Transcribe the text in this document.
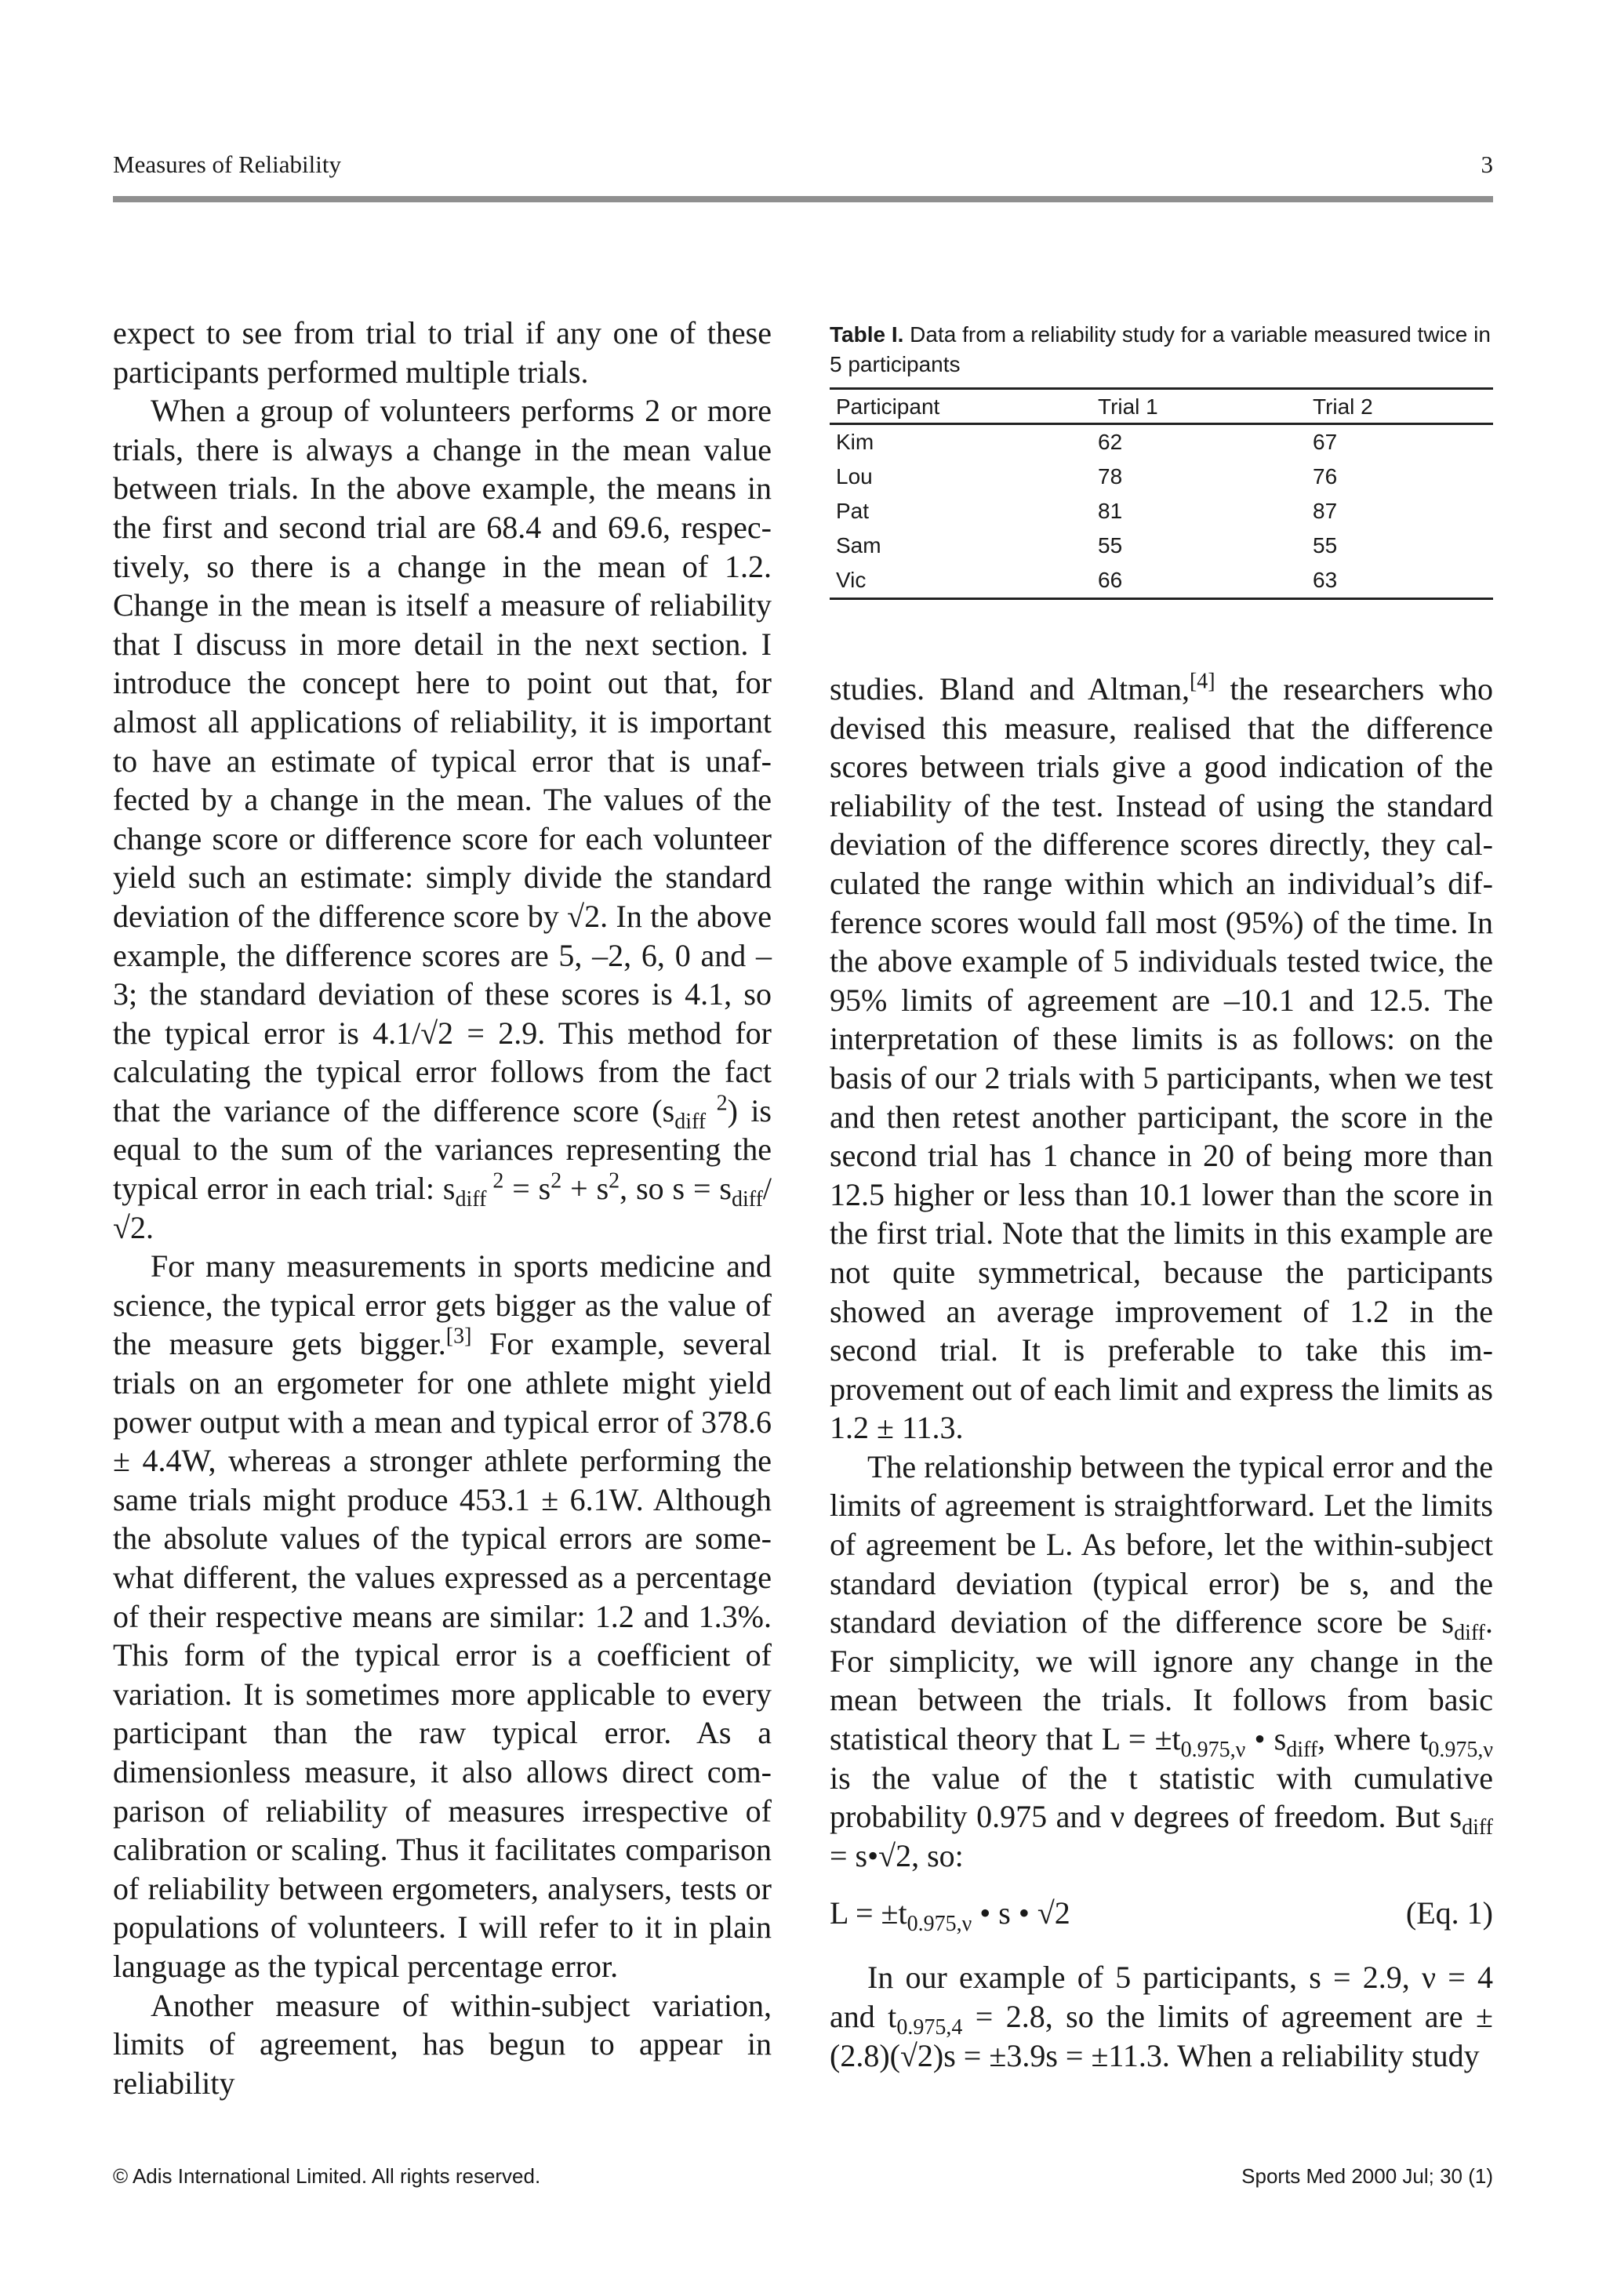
Measures of Reliability	3

expect to see from trial to trial if any one of these participants performed multiple trials.

When a group of volunteers performs 2 or more trials, there is always a change in the mean value between trials. In the above example, the means in the first and second trial are 68.4 and 69.6, respectively, so there is a change in the mean of 1.2. Change in the mean is itself a measure of reliability that I discuss in more detail in the next section. I introduce the concept here to point out that, for almost all applications of reliability, it is important to have an estimate of typical error that is unaffected by a change in the mean. The values of the change score or difference score for each volunteer yield such an estimate: simply divide the standard deviation of the difference score by √2. In the above example, the difference scores are 5, –2, 6, 0 and –3; the standard deviation of these scores is 4.1, so the typical error is 4.1/√2 = 2.9. This method for calculating the typical error follows from the fact that the variance of the difference score ($s_{diff}$ $^2$) is equal to the sum of the variances representing the typical error in each trial: $s_{diff}$ $^2 = s^2 + s^2$, so $s = s_{diff}/√2$.

For many measurements in sports medicine and science, the typical error gets bigger as the value of the measure gets bigger.[3] For example, several trials on an ergometer for one athlete might yield power output with a mean and typical error of 378.6 ± 4.4W, whereas a stronger athlete performing the same trials might produce 453.1 ± 6.1W. Although the absolute values of the typical errors are somewhat different, the values expressed as a percentage of their respective means are similar: 1.2 and 1.3%. This form of the typical error is a coefficient of variation. It is sometimes more applicable to every participant than the raw typical error. As a dimensionless measure, it also allows direct comparison of reliability of measures irrespective of calibration or scaling. Thus it facilitates comparison of reliability between ergometers, analysers, tests or populations of volunteers. I will refer to it in plain language as the typical percentage error.

Another measure of within-subject variation, limits of agreement, has begun to appear in reliability

Table I. Data from a reliability study for a variable measured twice in 5 participants
Participant	Trial 1	Trial 2
Kim	62	67
Lou	78	76
Pat	81	87
Sam	55	55
Vic	66	63

studies. Bland and Altman,[4] the researchers who devised this measure, realised that the difference scores between trials give a good indication of the reliability of the test. Instead of using the standard deviation of the difference scores directly, they calculated the range within which an individual’s difference scores would fall most (95%) of the time. In the above example of 5 individuals tested twice, the 95% limits of agreement are –10.1 and 12.5. The interpretation of these limits is as follows: on the basis of our 2 trials with 5 participants, when we test and then retest another participant, the score in the second trial has 1 chance in 20 of being more than 12.5 higher or less than 10.1 lower than the score in the first trial. Note that the limits in this example are not quite symmetrical, because the participants showed an average improvement of 1.2 in the second trial. It is preferable to take this improvement out of each limit and express the limits as 1.2 ± 11.3.

The relationship between the typical error and the limits of agreement is straightforward. Let the limits of agreement be L. As before, let the within-subject standard deviation (typical error) be s, and the standard deviation of the difference score be $s_{diff}$. For simplicity, we will ignore any change in the mean between the trials. It follows from basic statistical theory that $L = \pm t_{0.975,\nu}$ • $s_{diff}$, where $t_{0.975,\nu}$ is the value of the t statistic with cumulative probability 0.975 and ν degrees of freedom. But $s_{diff}$ = s•√2, so:

$L = \pm t_{0.975,\nu}$ • s • √2	(Eq. 1)

In our example of 5 participants, s = 2.9, ν = 4 and $t_{0.975,4} = 2.8$, so the limits of agreement are ±(2.8)(√2)s = ±3.9s = ±11.3. When a reliability study

© Adis International Limited. All rights reserved.	Sports Med 2000 Jul; 30 (1)
